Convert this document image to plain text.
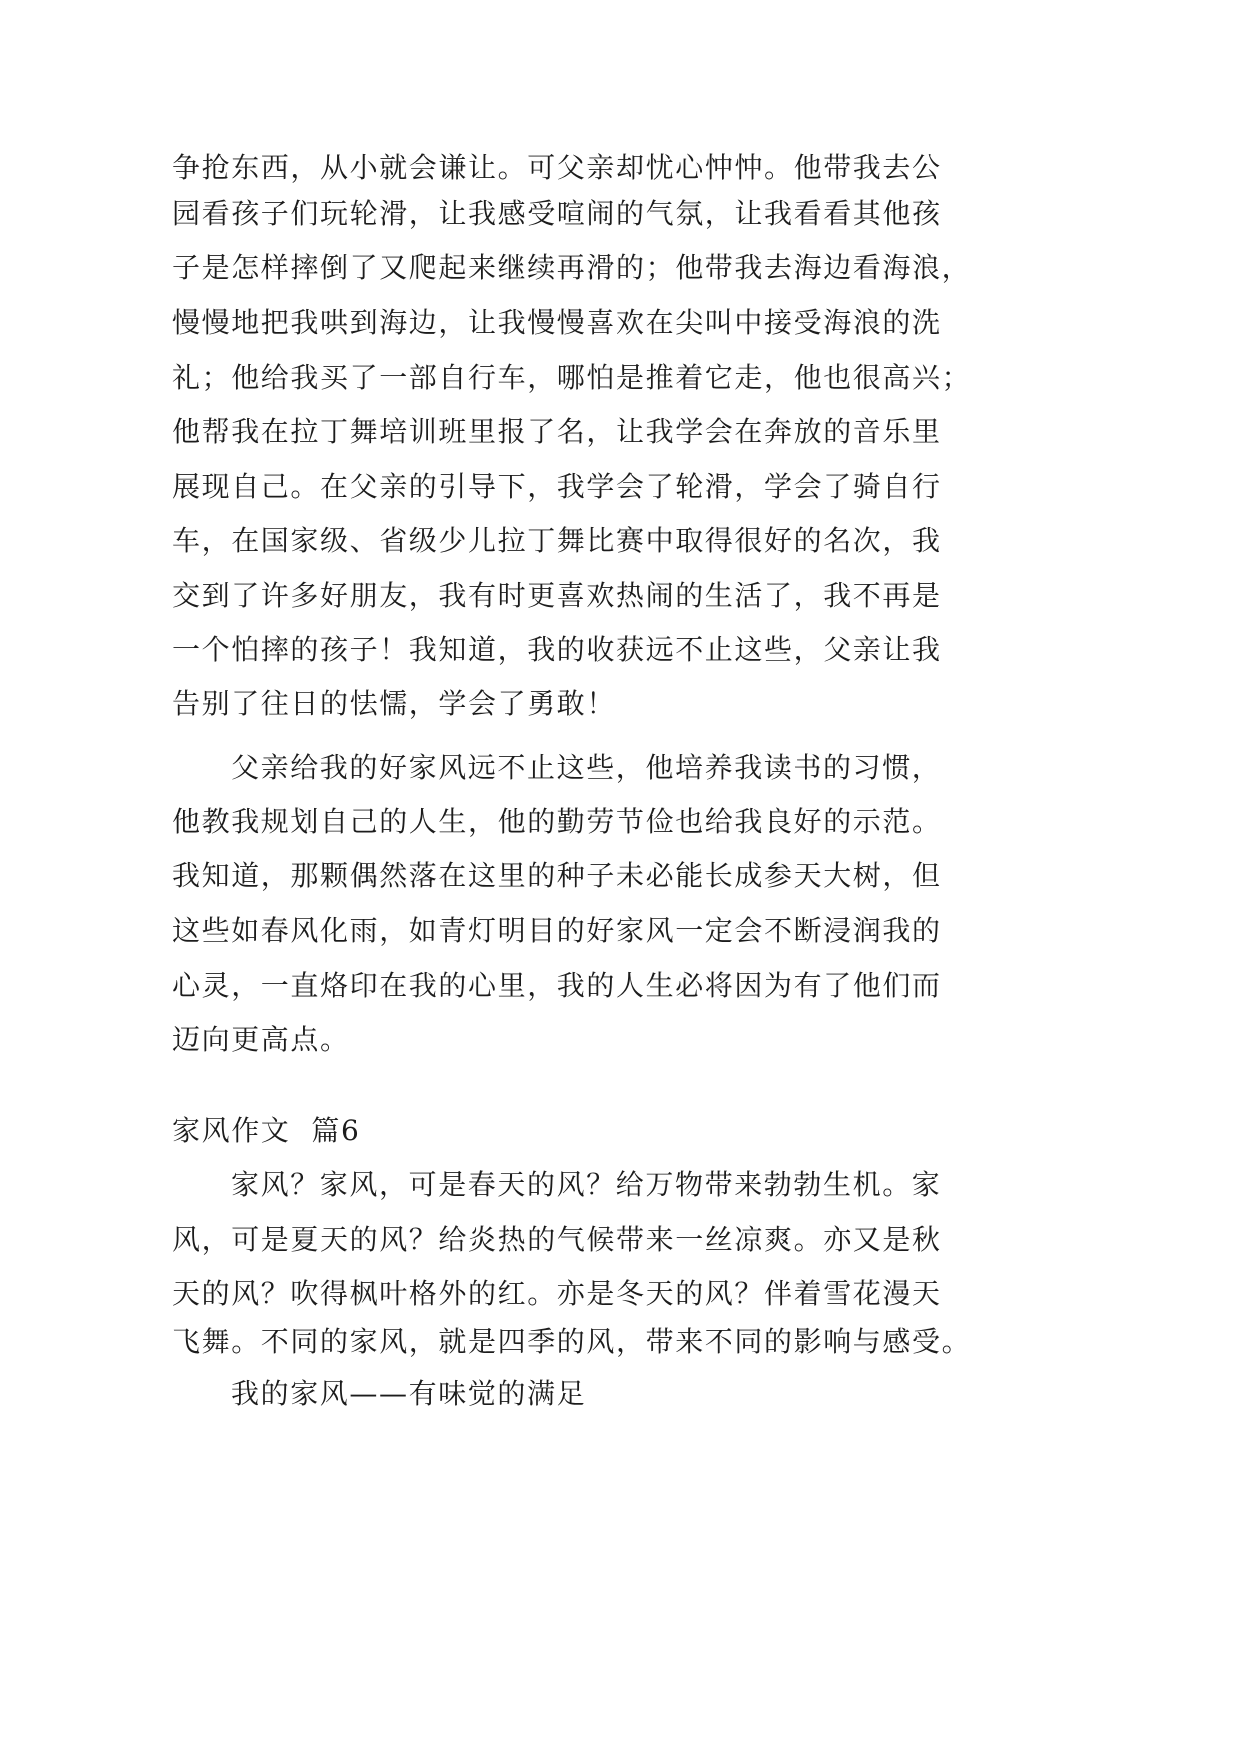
争抢东西，从小就会谦让。可父亲却忧心忡忡。他带我去公
园看孩子们玩轮滑，让我感受喧闹的气氛，让我看看其他孩
子是怎样摔倒了又爬起来继续再滑的；他带我去海边看海浪，
慢慢地把我哄到海边，让我慢慢喜欢在尖叫中接受海浪的洗
礼；他给我买了一部自行车，哪怕是推着它走，他也很高兴；
他帮我在拉丁舞培训班里报了名，让我学会在奔放的音乐里
展现自己。在父亲的引导下，我学会了轮滑，学会了骑自行
车，在国家级、省级少儿拉丁舞比赛中取得很好的名次，我
交到了许多好朋友，我有时更喜欢热闹的生活了，我不再是
一个怕摔的孩子！我知道，我的收获远不止这些，父亲让我
告别了往日的怯懦，学会了勇敢！
父亲给我的好家风远不止这些，他培养我读书的习惯，
他教我规划自己的人生，他的勤劳节俭也给我良好的示范。
我知道，那颗偶然落在这里的种子未必能长成参天大树，但
这些如春风化雨，如青灯明目的好家风一定会不断浸润我的
心灵，一直烙印在我的心里，我的人生必将因为有了他们而
迈向更高点。
家风作文  篇6
家风？家风，可是春天的风？给万物带来勃勃生机。家
风，可是夏天的风？给炎热的气候带来一丝凉爽。亦又是秋
天的风？吹得枫叶格外的红。亦是冬天的风？伴着雪花漫天
飞舞。不同的家风，就是四季的风，带来不同的影响与感受。
我的家风——有味觉的满足
